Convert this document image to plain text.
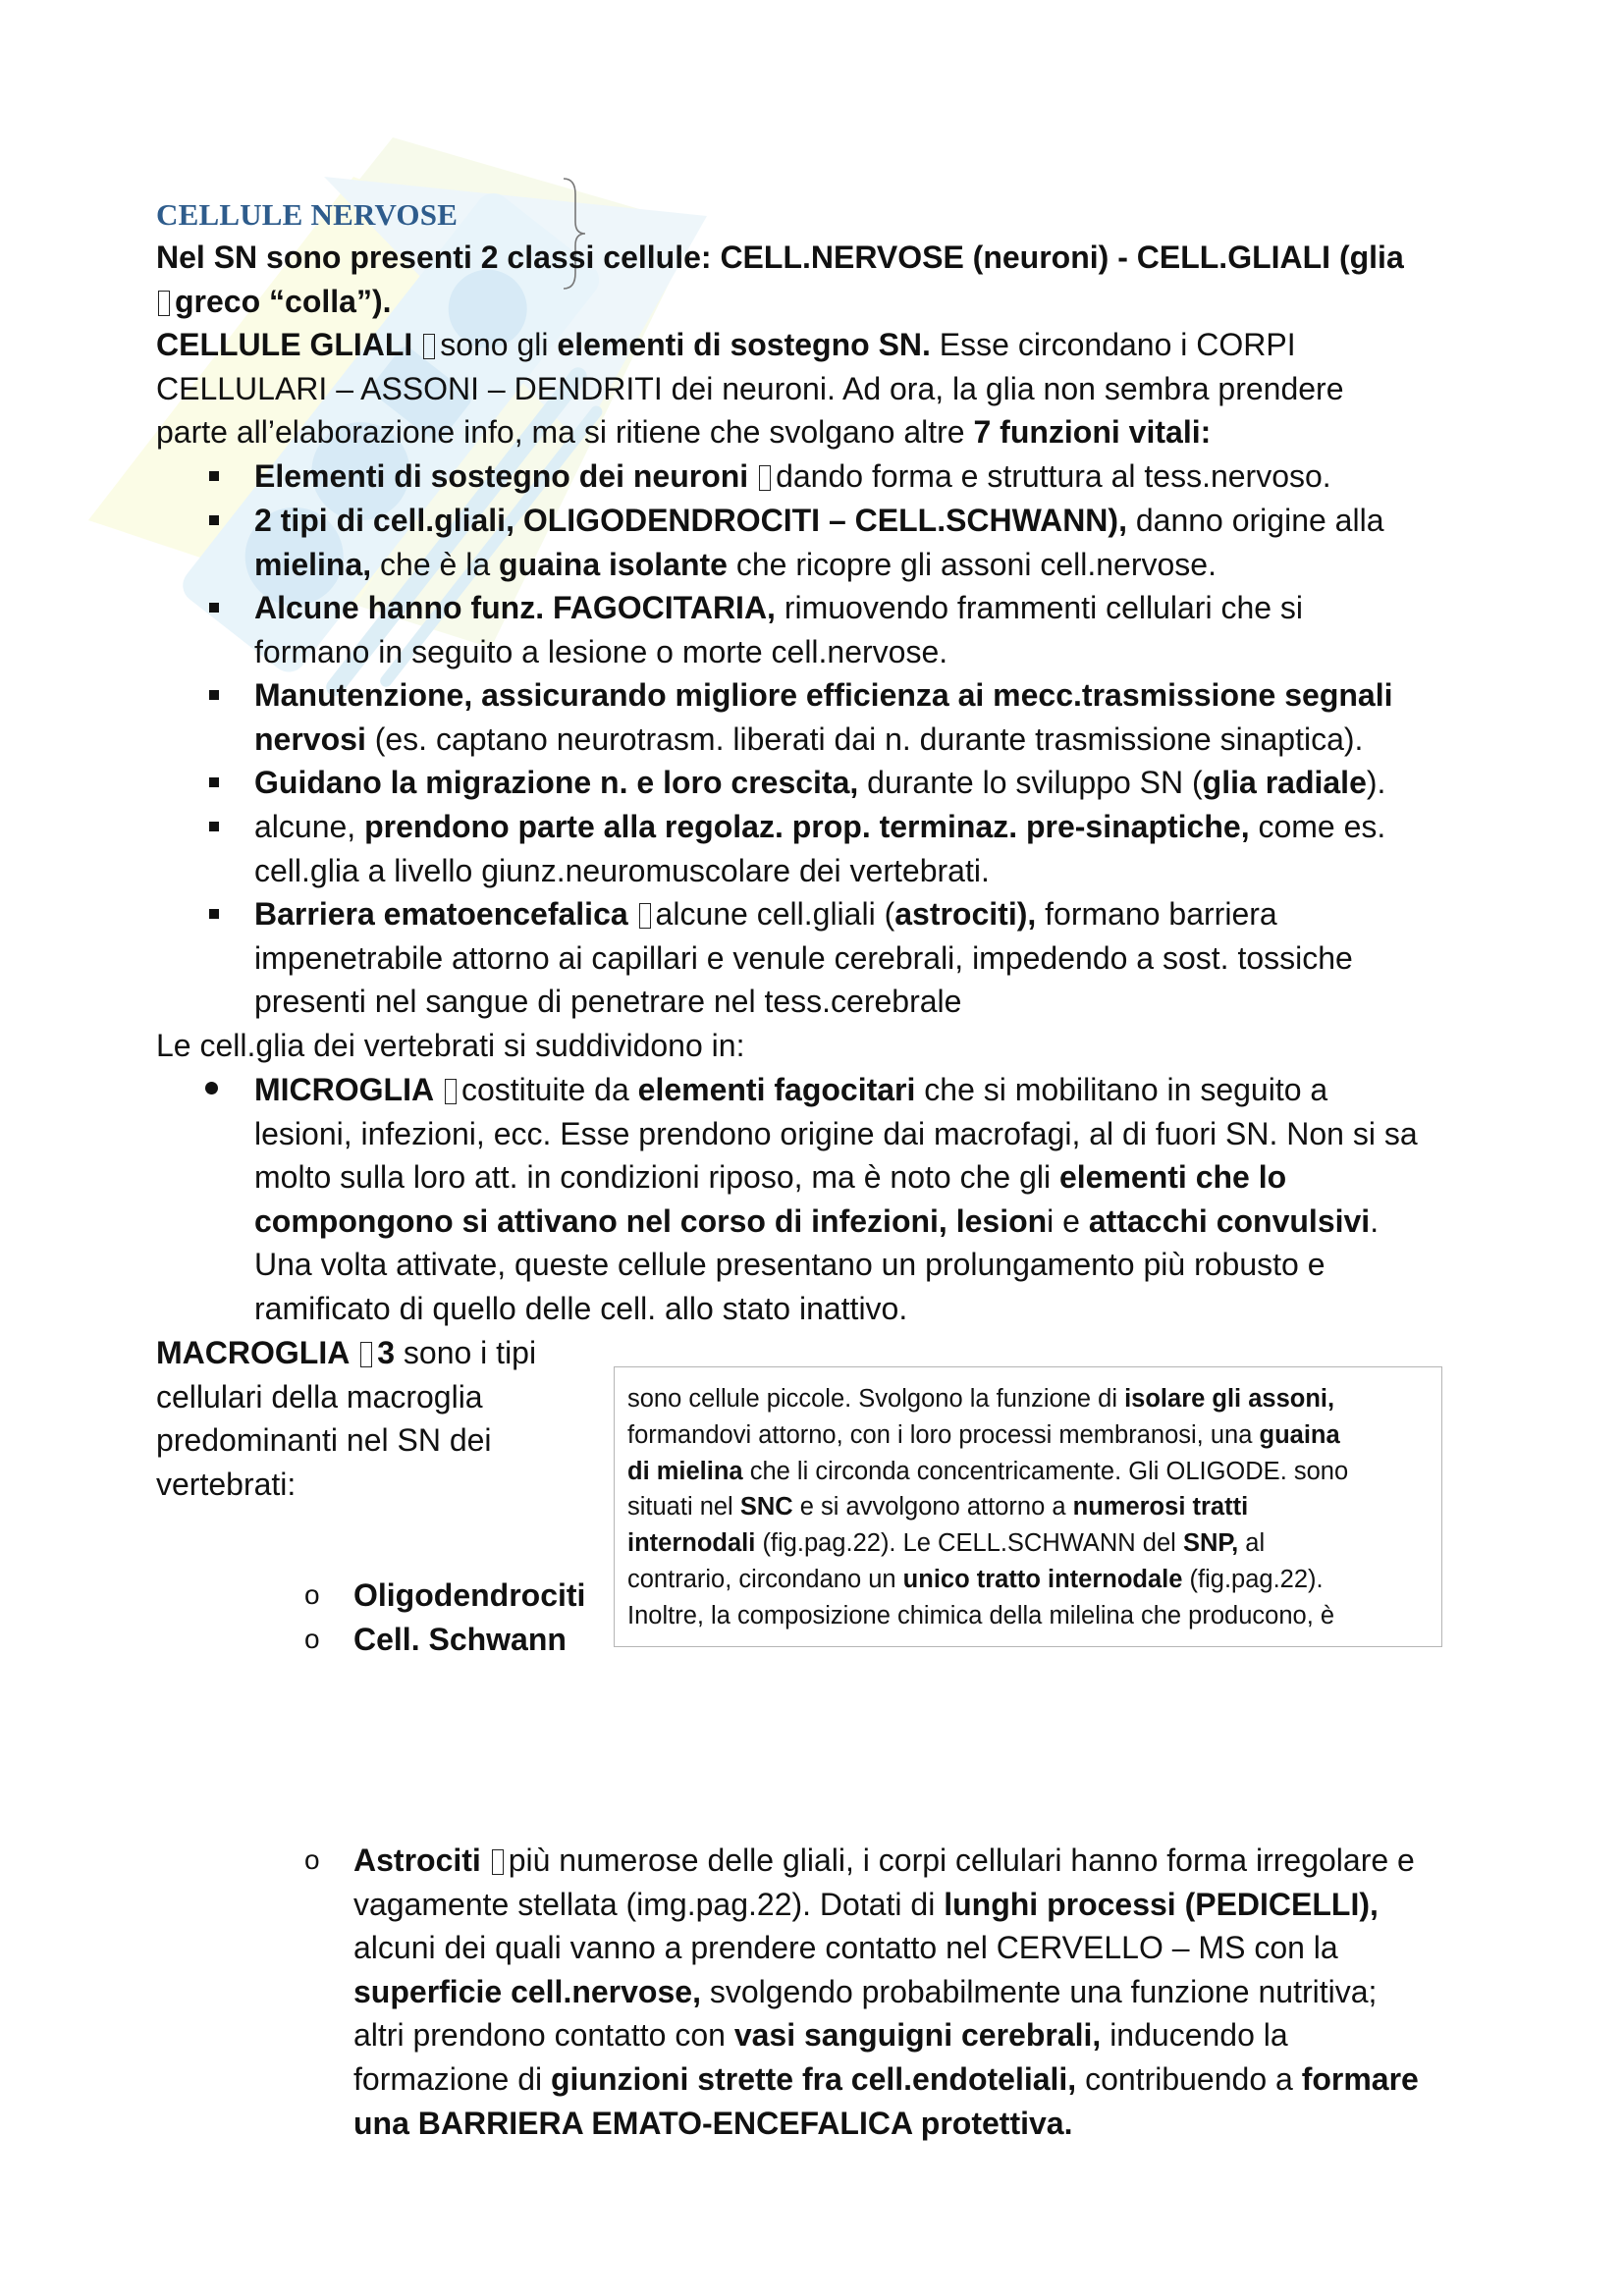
CELLULE NERVOSE
Nel SN sono presenti 2 classi cellule: CELL.NERVOSE (neuroni) - CELL.GLIALI (glia
greco “colla”).
CELLULE GLIALI sono gli elementi di sostegno SN. Esse circondano i CORPI
CELLULARI – ASSONI – DENDRITI dei neuroni. Ad ora, la glia non sembra prendere
parte all’elaborazione info, ma si ritiene che svolgano altre 7 funzioni vitali:
Elementi di sostegno dei neuroni dando forma e struttura al tess.nervoso.
2 tipi di cell.gliali, OLIGODENDROCITI – CELL.SCHWANN), danno origine alla
mielina, che è la guaina isolante che ricopre gli assoni cell.nervose.
Alcune hanno funz. FAGOCITARIA, rimuovendo frammenti cellulari che si
formano in seguito a lesione o morte cell.nervose.
Manutenzione, assicurando migliore efficienza ai mecc.trasmissione segnali
nervosi (es. captano neurotrasm. liberati dai n. durante trasmissione sinaptica).
Guidano la migrazione n. e loro crescita, durante lo sviluppo SN (glia radiale).
alcune, prendono parte alla regolaz. prop. terminaz. pre-sinaptiche, come es.
cell.glia a livello giunz.neuromuscolare dei vertebrati.
Barriera ematoencefalica alcune cell.gliali (astrociti), formano barriera
impenetrabile attorno ai capillari e venule cerebrali, impedendo a sost. tossiche
presenti nel sangue di penetrare nel tess.cerebrale
Le cell.glia dei vertebrati si suddividono in:
MICROGLIA costituite da elementi fagocitari che si mobilitano in seguito a
lesioni, infezioni, ecc. Esse prendono origine dai macrofagi, al di fuori SN. Non si sa
molto sulla loro att. in condizioni riposo, ma è noto che gli elementi che lo
compongono si attivano nel corso di infezioni, lesioni e attacchi convulsivi.
Una volta attivate, queste cellule presentano un prolungamento più robusto e
ramificato di quello delle cell. allo stato inattivo.
MACROGLIA 3 sono i tipi
cellulari della macroglia
predominanti nel SN dei
vertebrati:
o Oligodendrociti
o Cell. Schwann

sono cellule piccole. Svolgono la funzione di isolare gli assoni,

formandovi attorno, con i loro processi membranosi, una guaina

di mielina che li circonda concentricamente. Gli OLIGODE. sono

situati nel SNC e si avvolgono attorno a numerosi tratti

internodali (fig.pag.22). Le CELL.SCHWANN del SNP, al

contrario, circondano un unico tratto internodale (fig.pag.22).

Inoltre, la composizione chimica della milelina che producono, è

o Astrociti più numerose delle gliali, i corpi cellulari hanno forma irregolare e
vagamente stellata (img.pag.22). Dotati di lunghi processi (PEDICELLI),
alcuni dei quali vanno a prendere contatto nel CERVELLO – MS con la
superficie cell.nervose, svolgendo probabilmente una funzione nutritiva;
altri prendono contatto con vasi sanguigni cerebrali, inducendo la
formazione di giunzioni strette fra cell.endoteliali, contribuendo a formare
una BARRIERA EMATO-ENCEFALICA protettiva.
